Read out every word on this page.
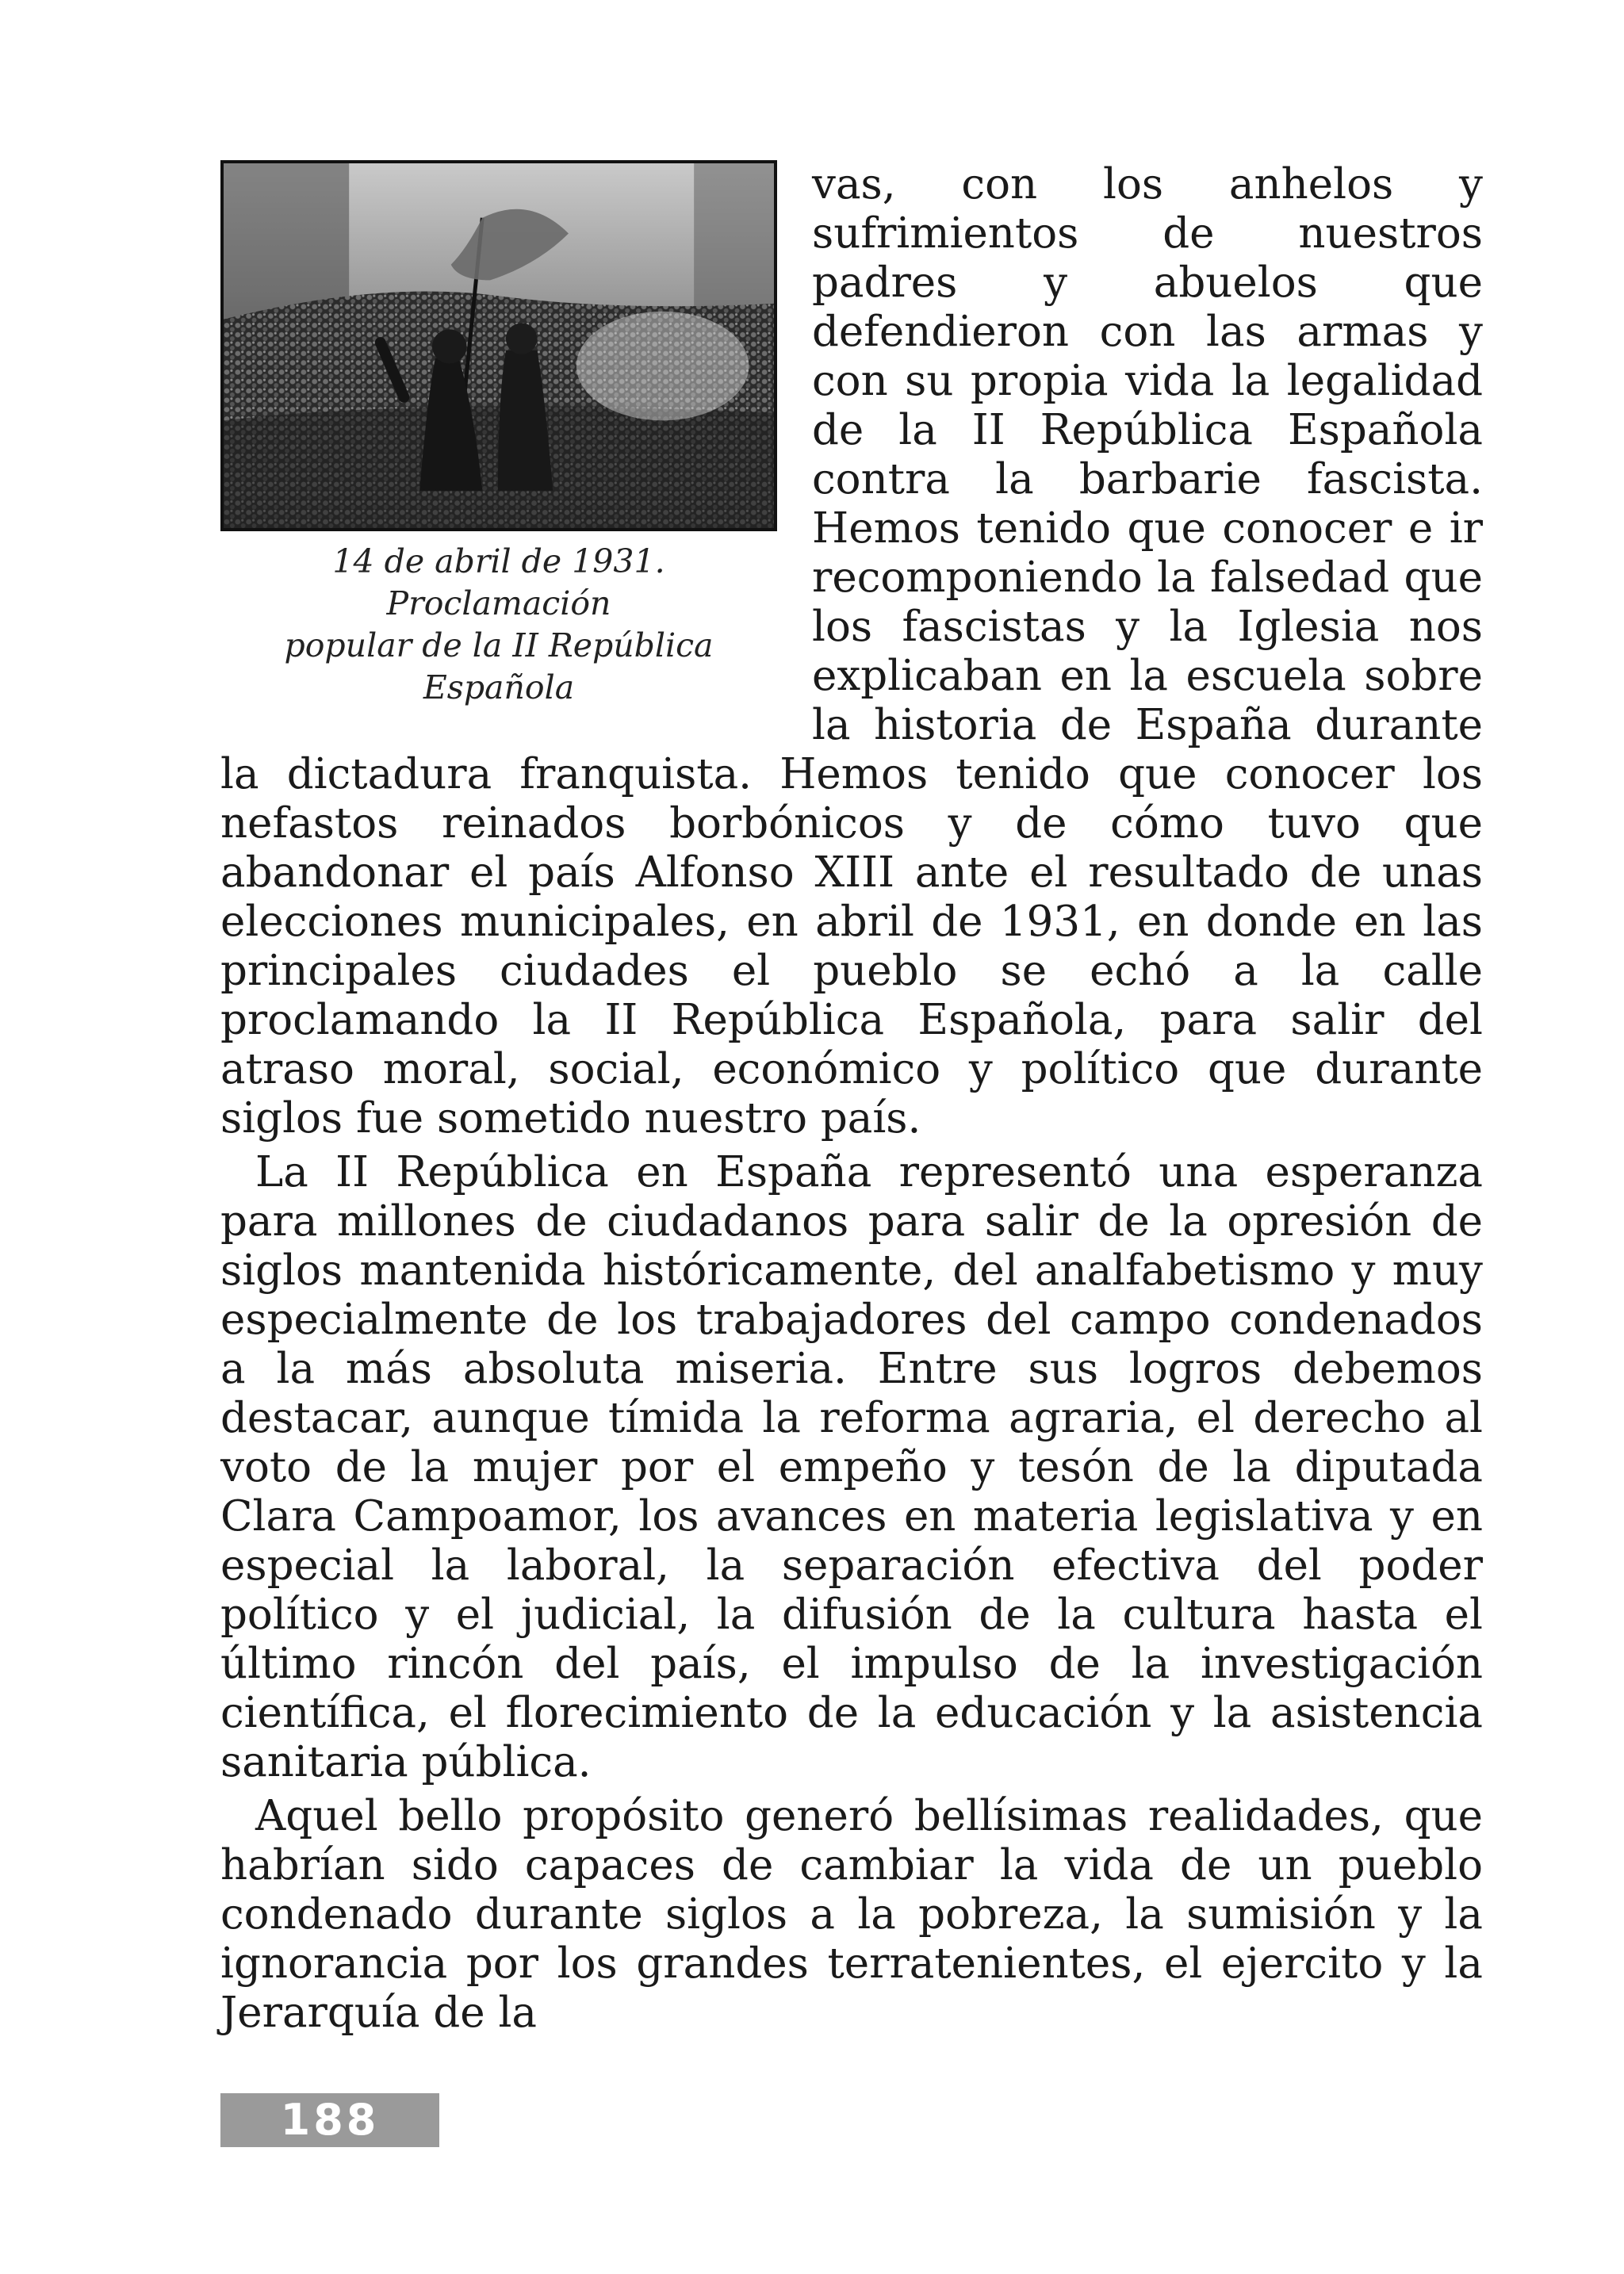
14 de abril de 1931. Proclamación
popular de la II República Española

vas, con los anhelos y sufrimientos de nuestros padres y abuelos que defendieron con las armas y con su propia vida la legalidad de la II República Española contra la barbarie fascista. Hemos tenido que conocer e ir recomponiendo la falsedad que los fascistas y la Iglesia nos explicaban en la escuela sobre la historia de España durante la dictadura franquista. Hemos tenido que conocer los nefastos reinados borbónicos y de cómo tuvo que abandonar el país Alfonso XIII ante el resultado de unas elecciones municipales, en abril de 1931, en donde en las principales ciudades el pueblo se echó a la calle proclamando la II República Española, para salir del atraso moral, social, económico y político que durante siglos fue sometido nuestro país.

La II República en España representó una esperanza para millones de ciudadanos para salir de la opresión de siglos mantenida históricamente, del analfabetismo y muy especialmente de los trabajadores del campo condenados a la más absoluta miseria. Entre sus logros debemos destacar, aunque tímida la reforma agraria, el derecho al voto de la mujer por el empeño y tesón de la diputada Clara Campoamor, los avances en materia legislativa y en especial la laboral, la separación efectiva del poder político y el judicial, la difusión de la cultura hasta el último rincón del país, el impulso de la investigación científica, el florecimiento de la educación y la asistencia sanitaria pública.

Aquel bello propósito generó bellísimas realidades, que habrían sido capaces de cambiar la vida de un pueblo condenado durante siglos a la pobreza, la sumisión y la ignorancia por los grandes terratenientes, el ejercito y la Jerarquía de la

188
